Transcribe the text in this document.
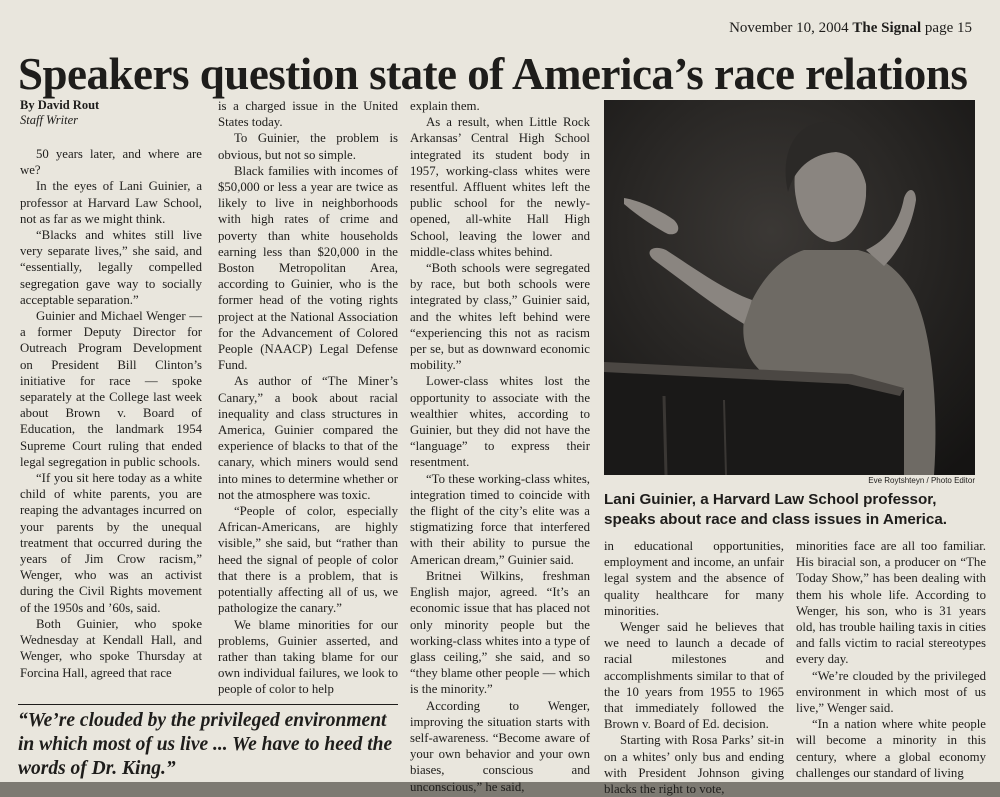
November 10, 2004 The Signal page 15
Speakers question state of America’s race relations
By David Rout
Staff Writer

50 years later, and where are we?

In the eyes of Lani Guinier, a professor at Harvard Law School, not as far as we might think.

“Blacks and whites still live very separate lives,” she said, and “essentially, legally compelled segregation gave way to socially acceptable separation.”

Guinier and Michael Wenger — a former Deputy Director for Outreach Program Development on President Bill Clinton’s initiative for race — spoke separately at the College last week about Brown v. Board of Education, the landmark 1954 Supreme Court ruling that ended legal segregation in public schools.

“If you sit here today as a white child of white parents, you are reaping the advantages incurred on your parents by the unequal treatment that occurred during the years of Jim Crow racism,” Wenger, who was an activist during the Civil Rights movement of the 1950s and ’60s, said.

Both Guinier, who spoke Wednesday at Kendall Hall, and Wenger, who spoke Thursday at Forcina Hall, agreed that race

is a charged issue in the United States today.

To Guinier, the problem is obvious, but not so simple.

Black families with incomes of $50,000 or less a year are twice as likely to live in neighborhoods with high rates of crime and poverty than white households earning less than $20,000 in the Boston Metropolitan Area, according to Guinier, who is the former head of the voting rights project at the National Association for the Advancement of Colored People (NAACP) Legal Defense Fund.

As author of “The Miner’s Canary,” a book about racial inequality and class structures in America, Guinier compared the experience of blacks to that of the canary, which miners would send into mines to determine whether or not the atmosphere was toxic.

“People of color, especially African-Americans, are highly visible,” she said, but “rather than heed the signal of people of color that there is a problem, that is potentially affecting all of us, we pathologize the canary.”

We blame minorities for our problems, Guinier asserted, and rather than taking blame for our own individual failures, we look to people of color to help

explain them.

As a result, when Little Rock Arkansas’ Central High School integrated its student body in 1957, working-class whites were resentful. Affluent whites left the public school for the newly-opened, all-white Hall High School, leaving the lower and middle-class whites behind.

“Both schools were segregated by race, but both schools were integrated by class,” Guinier said, and the whites left behind were “experiencing this not as racism per se, but as downward economic mobility.”

Lower-class whites lost the opportunity to associate with the wealthier whites, according to Guinier, but they did not have the “language” to express their resentment.

“To these working-class whites, integration timed to coincide with the flight of the city’s elite was a stigmatizing force that interfered with their ability to pursue the American dream,” Guinier said.

Britnei Wilkins, freshman English major, agreed. “It’s an economic issue that has placed not only minority people but the working-class whites into a type of glass ceiling,” she said, and so “they blame other people — which is the minority.”

According to Wenger, improving the situation starts with self-awareness. “Become aware of your own behavior and your own biases, conscious and unconscious,” he said,

Eve Roytshteyn / Photo Editor
Lani Guinier, a Harvard Law School professor, speaks about race and class issues in America.

in educational opportunities, employment and income, an unfair legal system and the absence of quality healthcare for many minorities.

Wenger said he believes that we need to launch a decade of racial milestones and accomplishments similar to that of the 10 years from 1955 to 1965 that immediately followed the Brown v. Board of Ed. decision.

Starting with Rosa Parks’ sit-in on a whites’ only bus and ending with President Johnson giving blacks the right to vote,

minorities face are all too familiar. His biracial son, a producer on “The Today Show,” has been dealing with them his whole life. According to Wenger, his son, who is 31 years old, has trouble hailing taxis in cities and falls victim to racial stereotypes every day.

“We’re clouded by the privileged environment in which most of us live,” Wenger said.

“In a nation where white people will become a minority in this century, where a global economy challenges our standard of living

“We’re clouded by the privileged environment in which most of us live ... We have to heed the words of Dr. King.”
